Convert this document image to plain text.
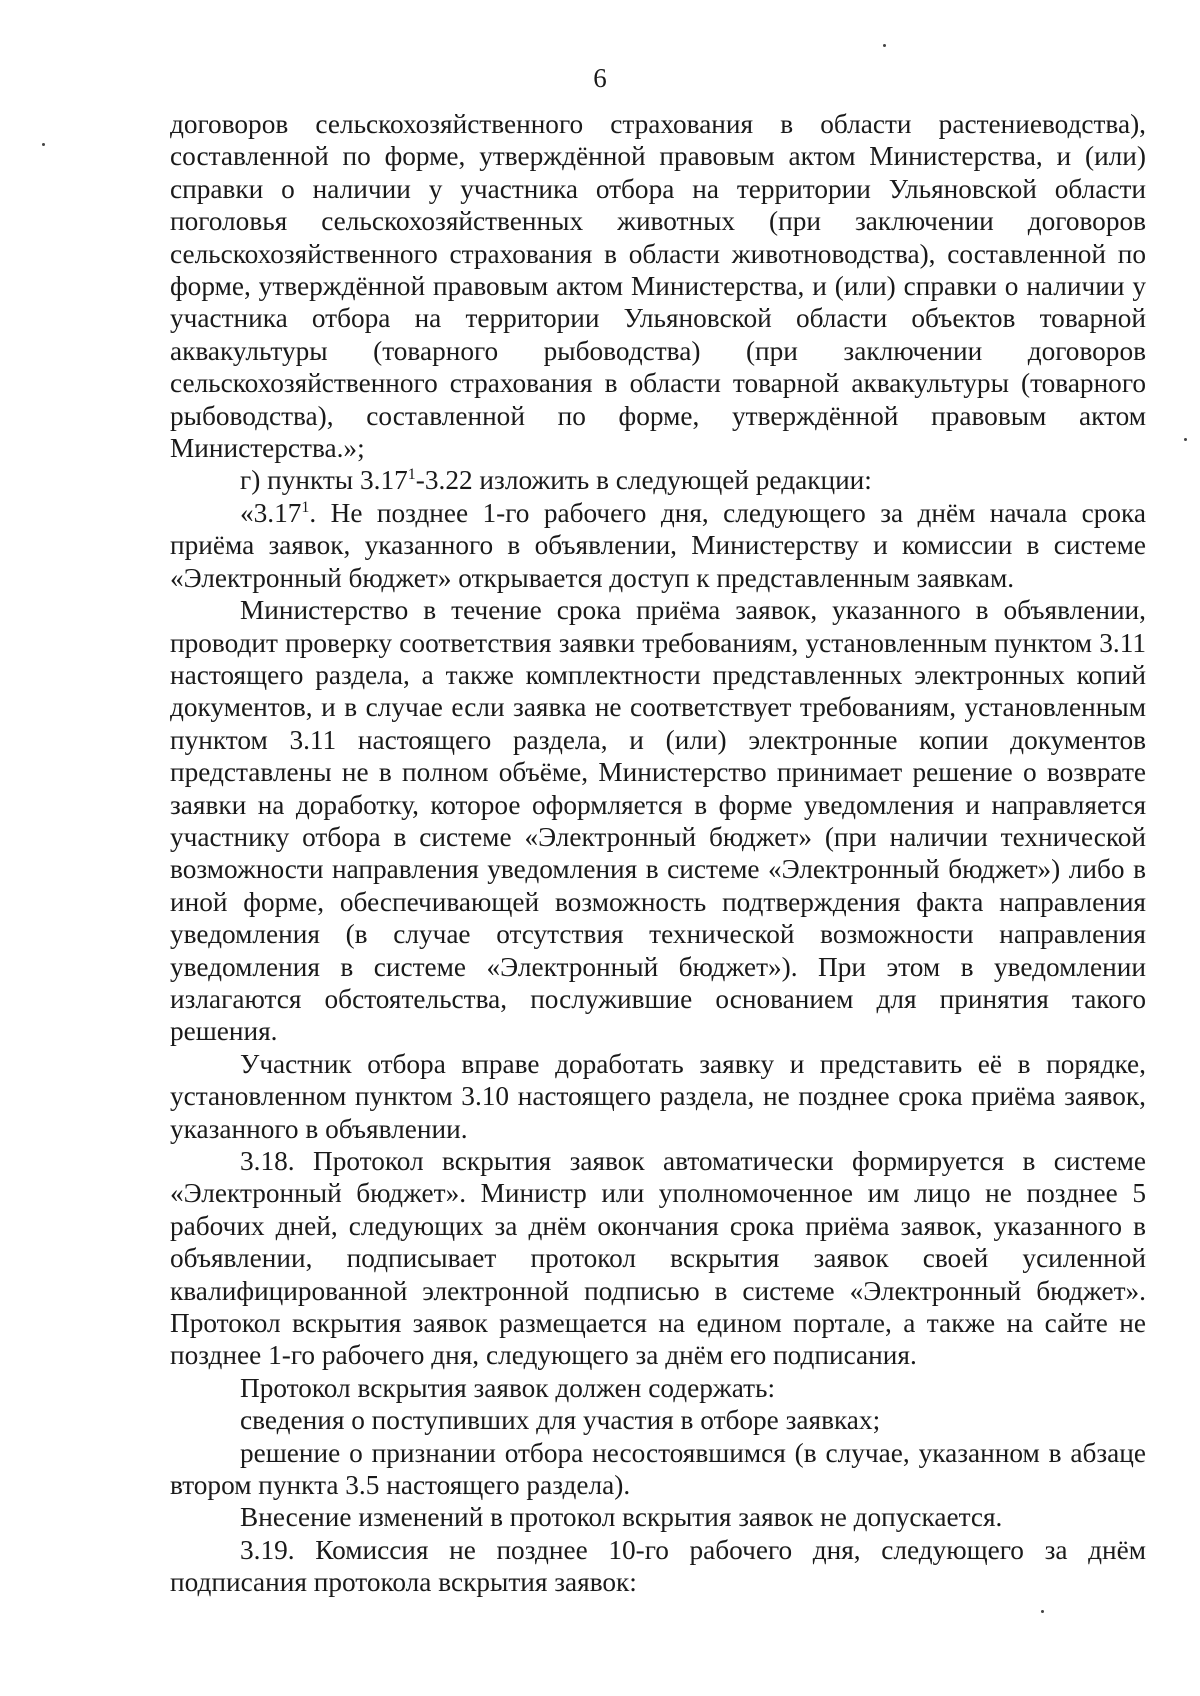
6

договоров сельскохозяйственного страхования в области растениеводства), составленной по форме, утверждённой правовым актом Министерства, и (или) справки о наличии у участника отбора на территории Ульяновской области поголовья сельскохозяйственных животных (при заключении договоров сельскохозяйственного страхования в области животноводства), составленной по форме, утверждённой правовым актом Министерства, и (или) справки о наличии у участника отбора на территории Ульяновской области объектов товарной аквакультуры (товарного рыбоводства) (при заключении договоров сельскохозяйственного страхования в области товарной аквакультуры (товарного рыбоводства), составленной по форме, утверждённой правовым актом Министерства.»;

г) пункты 3.17$^1$-3.22 изложить в следующей редакции:

«3.17$^1$. Не позднее 1-го рабочего дня, следующего за днём начала срока приёма заявок, указанного в объявлении, Министерству и комиссии в системе «Электронный бюджет» открывается доступ к представленным заявкам.

Министерство в течение срока приёма заявок, указанного в объявлении, проводит проверку соответствия заявки требованиям, установленным пунктом 3.11 настоящего раздела, а также комплектности представленных электронных копий документов, и в случае если заявка не соответствует требованиям, установленным пунктом 3.11 настоящего раздела, и (или) электронные копии документов представлены не в полном объёме, Министерство принимает решение о возврате заявки на доработку, которое оформляется в форме уведомления и направляется участнику отбора в системе «Электронный бюджет» (при наличии технической возможности направления уведомления в системе «Электронный бюджет») либо в иной форме, обеспечивающей возможность подтверждения факта направления уведомления (в случае отсутствия технической возможности направления уведомления в системе «Электронный бюджет»). При этом в уведомлении излагаются обстоятельства, послужившие основанием для принятия такого решения.

Участник отбора вправе доработать заявку и представить её в порядке, установленном пунктом 3.10 настоящего раздела, не позднее срока приёма заявок, указанного в объявлении.

3.18. Протокол вскрытия заявок автоматически формируется в системе «Электронный бюджет». Министр или уполномоченное им лицо не позднее 5 рабочих дней, следующих за днём окончания срока приёма заявок, указанного в объявлении, подписывает протокол вскрытия заявок своей усиленной квалифицированной электронной подписью в системе «Электронный бюджет». Протокол вскрытия заявок размещается на едином портале, а также на сайте не позднее 1-го рабочего дня, следующего за днём его подписания.

Протокол вскрытия заявок должен содержать:

сведения о поступивших для участия в отборе заявках;

решение о признании отбора несостоявшимся (в случае, указанном в абзаце втором пункта 3.5 настоящего раздела).

Внесение изменений в протокол вскрытия заявок не допускается.

3.19. Комиссия не позднее 10-го рабочего дня, следующего за днём подписания протокола вскрытия заявок:
